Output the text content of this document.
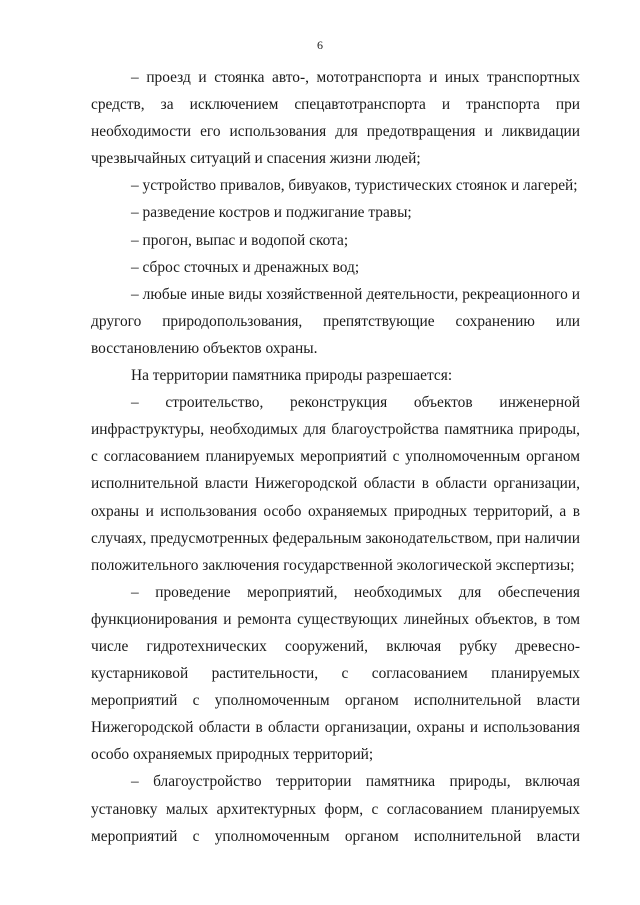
6

– проезд и стоянка авто-, мототранспорта и иных транспортных средств, за исключением спецавтотранспорта и транспорта при необходимости его использования для предотвращения и ликвидации чрезвычайных ситуаций и спасения жизни людей;

– устройство привалов, бивуаков, туристических стоянок и лагерей;

– разведение костров и поджигание травы;

– прогон, выпас и водопой скота;

– сброс сточных и дренажных вод;

– любые иные виды хозяйственной деятельности, рекреационного и другого природопользования, препятствующие сохранению или восстановлению объектов охраны.

На территории памятника природы разрешается:

– строительство, реконструкция объектов инженерной инфраструктуры, необходимых для благоустройства памятника природы, с согласованием планируемых мероприятий с уполномоченным органом исполнительной власти Нижегородской области в области организации, охраны и использования особо охраняемых природных территорий, а в случаях, предусмотренных федеральным законодательством, при наличии положительного заключения государственной экологической экспертизы;

– проведение мероприятий, необходимых для обеспечения функционирования и ремонта существующих линейных объектов, в том числе гидротехнических сооружений, включая рубку древесно-кустарниковой растительности, с согласованием планируемых мероприятий с уполномоченным органом исполнительной власти Нижегородской области в области организации, охраны и использования особо охраняемых природных территорий;

– благоустройство территории памятника природы, включая установку малых архитектурных форм, с согласованием планируемых мероприятий с уполномоченным органом исполнительной власти
